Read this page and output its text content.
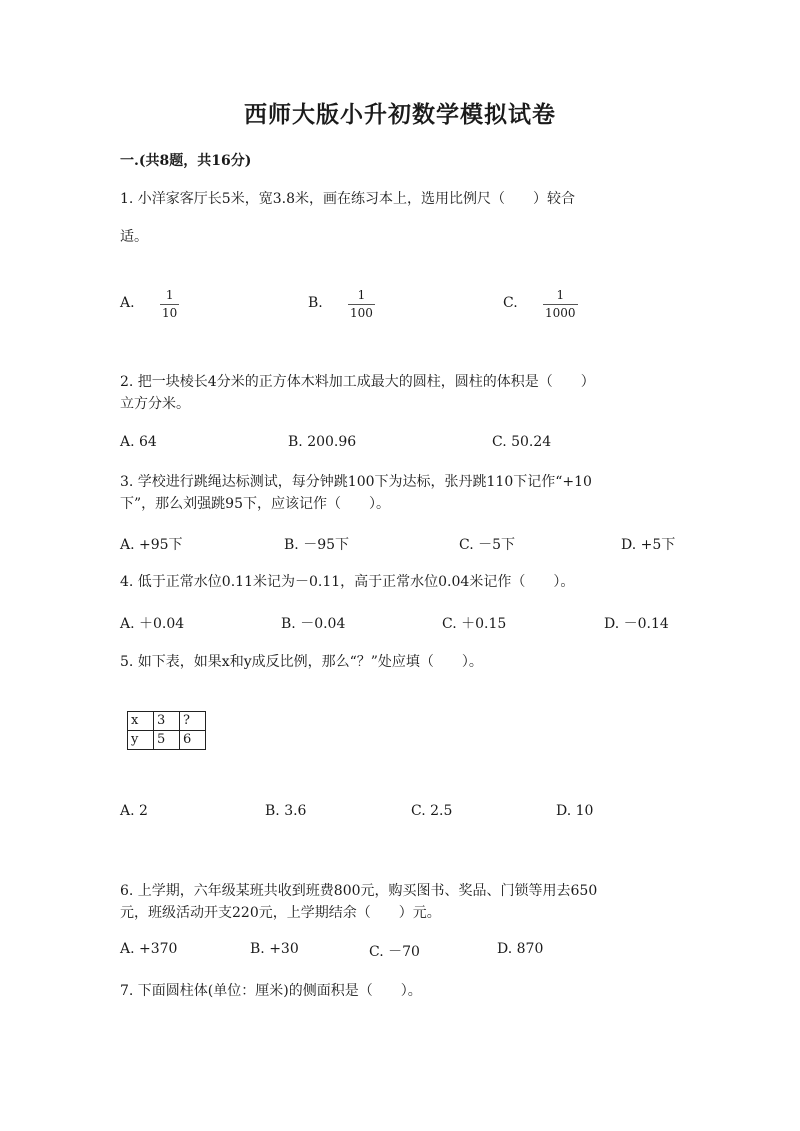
西师大版小升初数学模拟试卷
一.(共8题，共16分)
1. 小洋家客厅长5米，宽3.8米，画在练习本上，选用比例尺（　　）较合
适。
A.	1
10
B.	1
100
C.	1
1000
2. 把一块棱长4分米的正方体木料加工成最大的圆柱，圆柱的体积是（　　）
立方分米。
A. 64	B. 200.96	C. 50.24
3. 学校进行跳绳达标测试，每分钟跳100下为达标，张丹跳110下记作“+10
下”，那么刘强跳95下，应该记作（　　）。
A. +95下	B. －95下	C. －5下	D. +5下
4. 低于正常水位0.11米记为－0.11，高于正常水位0.04米记作（　　）。
A. ＋0.04	B. －0.04	C. ＋0.15	D. －0.14
5. 如下表，如果x和y成反比例，那么“？”处应填（　　）。
x	3	?
y	5	6
A. 2	B. 3.6	C. 2.5	D. 10
6. 上学期，六年级某班共收到班费800元，购买图书、奖品、门锁等用去650
元，班级活动开支220元，上学期结余（　　）元。
A. +370	B. +30	C. －70	D. 870
7. 下面圆柱体(单位：厘米)的侧面积是（　　）。
